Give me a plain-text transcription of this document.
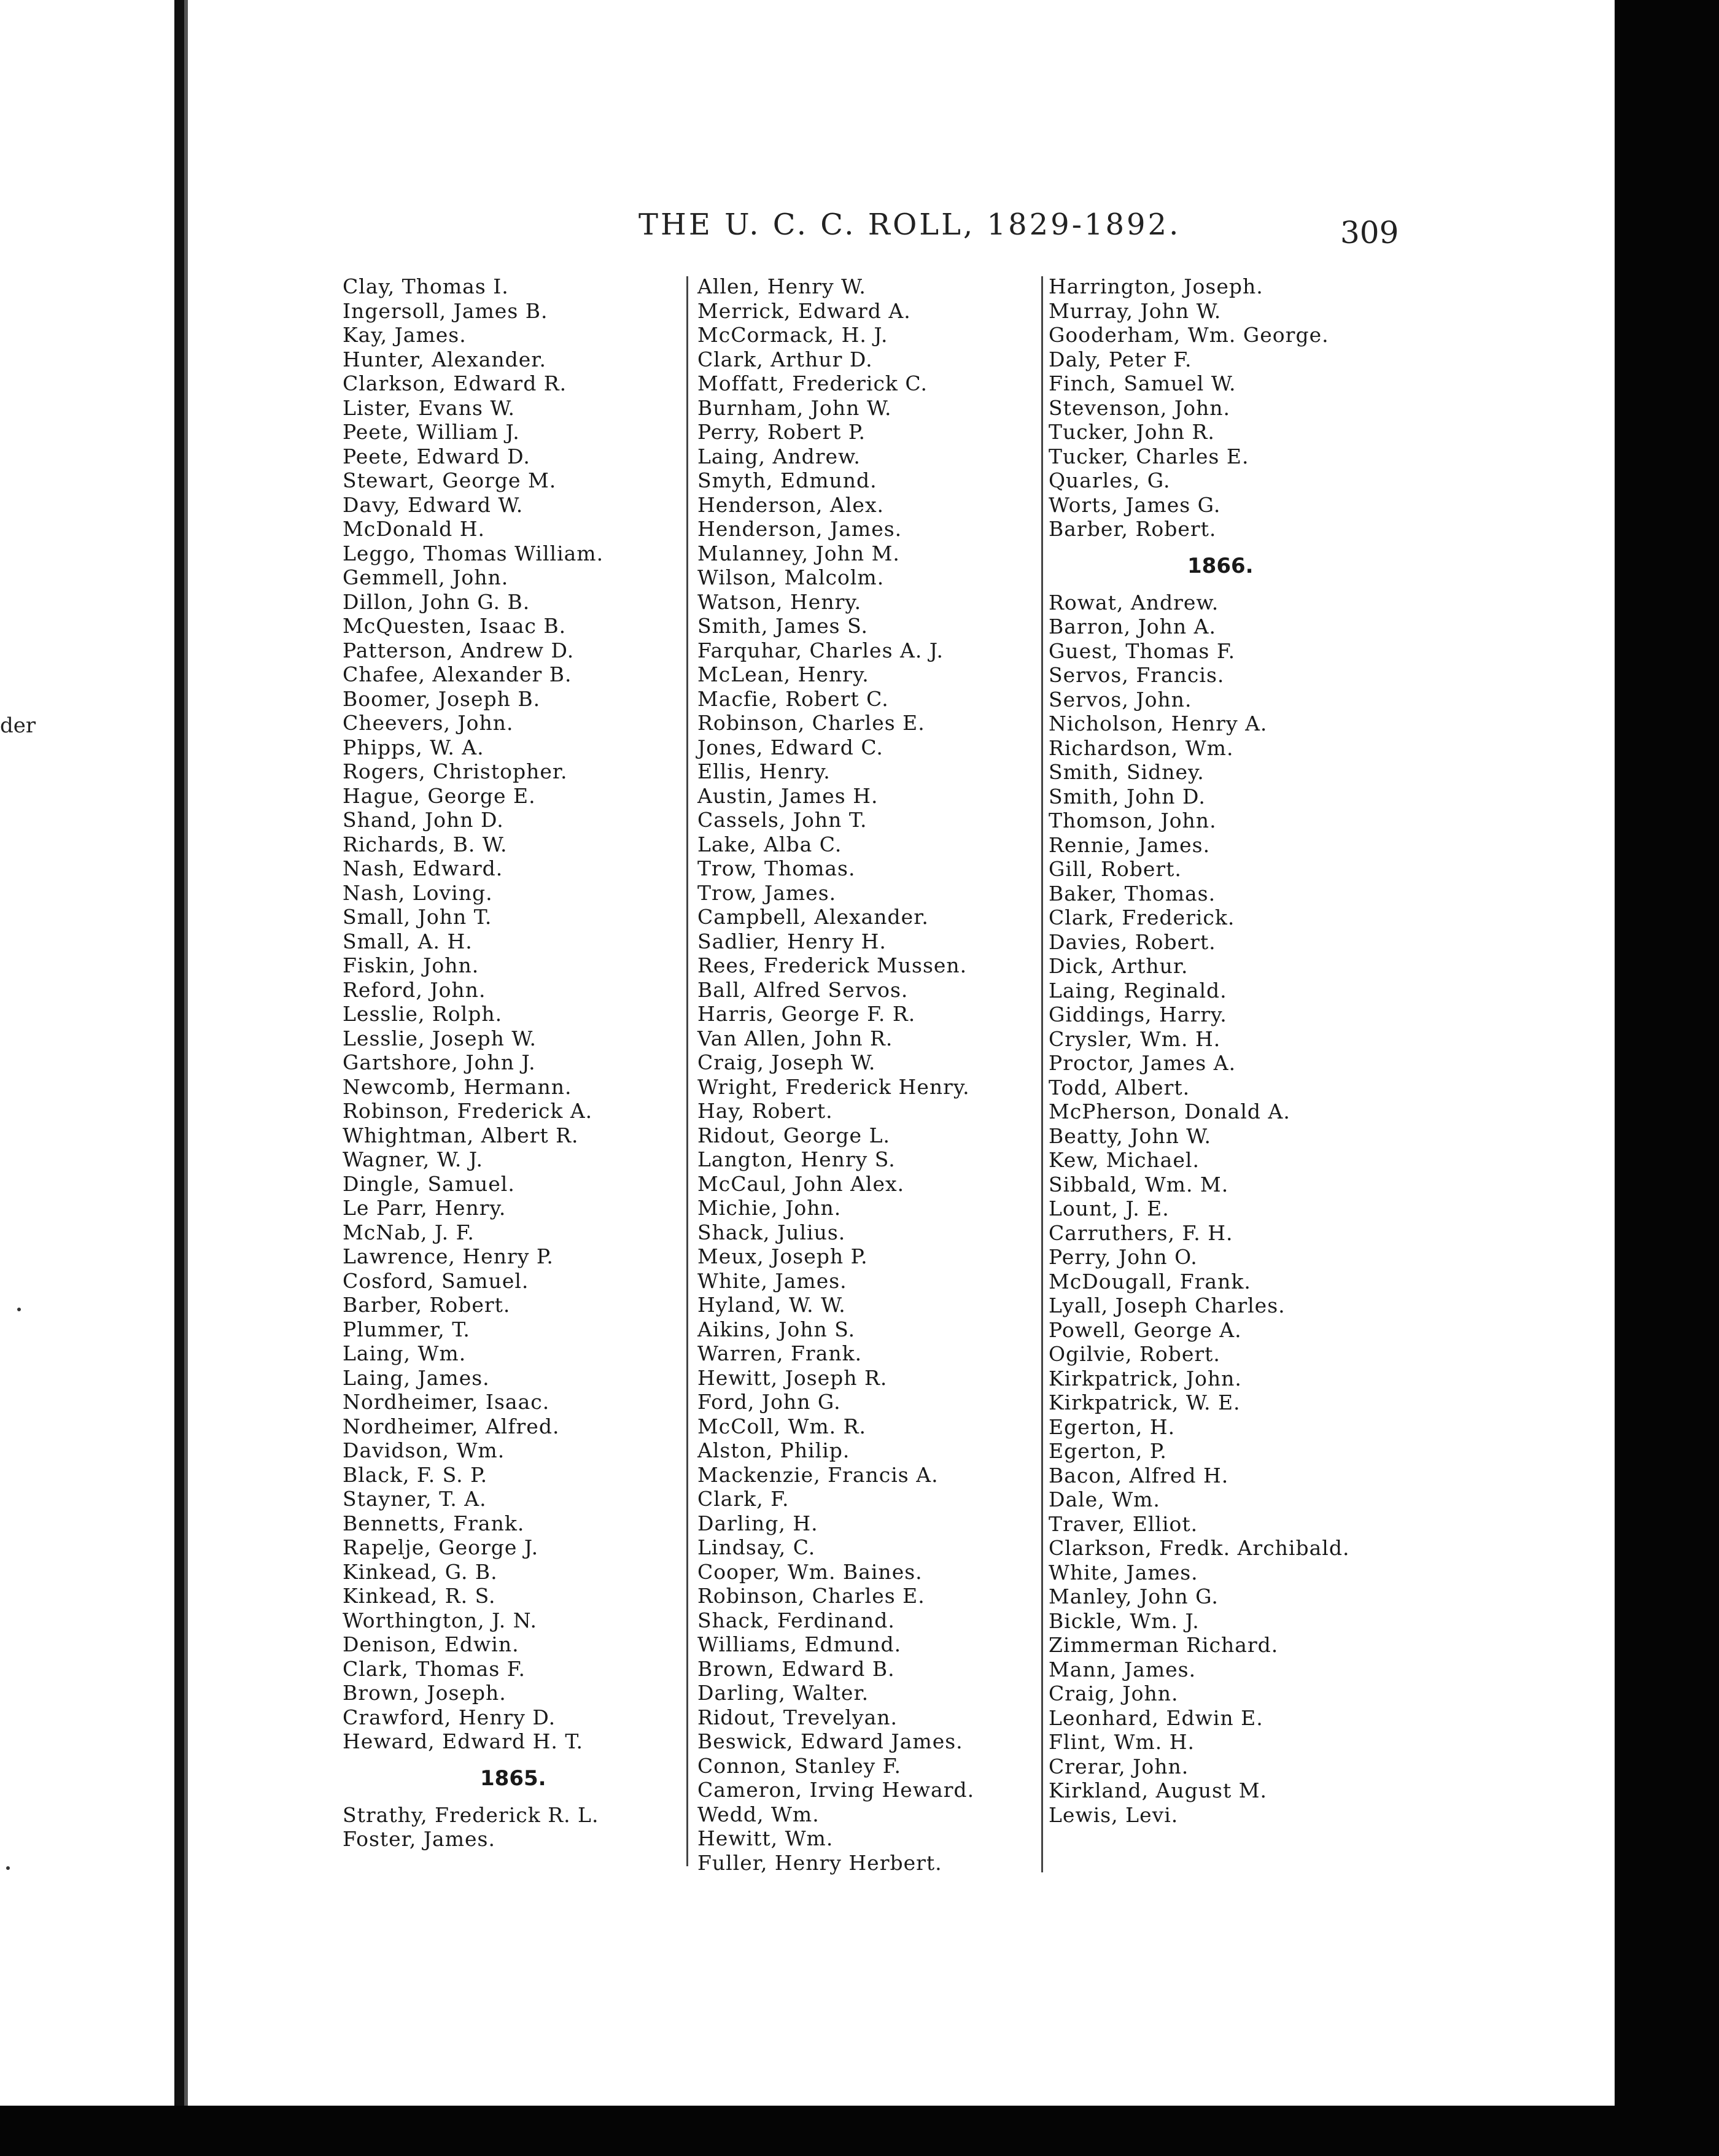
der
THE U. C. C. ROLL, 1829-1892.	309
Clay, Thomas I.
Ingersoll, James B.
Kay, James.
Hunter, Alexander.
Clarkson, Edward R.
Lister, Evans W.
Peete, William J.
Peete, Edward D.
Stewart, George M.
Davy, Edward W.
McDonald H.
Leggo, Thomas William.
Gemmell, John.
Dillon, John G. B.
McQuesten, Isaac B.
Patterson, Andrew D.
Chafee, Alexander B.
Boomer, Joseph B.
Cheevers, John.
Phipps, W. A.
Rogers, Christopher.
Hague, George E.
Shand, John D.
Richards, B. W.
Nash, Edward.
Nash, Loving.
Small, John T.
Small, A. H.
Fiskin, John.
Reford, John.
Lesslie, Rolph.
Lesslie, Joseph W.
Gartshore, John J.
Newcomb, Hermann.
Robinson, Frederick A.
Whightman, Albert R.
Wagner, W. J.
Dingle, Samuel.
Le Parr, Henry.
McNab, J. F.
Lawrence, Henry P.
Cosford, Samuel.
Barber, Robert.
Plummer, T.
Laing, Wm.
Laing, James.
Nordheimer, Isaac.
Nordheimer, Alfred.
Davidson, Wm.
Black, F. S. P.
Stayner, T. A.
Bennetts, Frank.
Rapelje, George J.
Kinkead, G. B.
Kinkead, R. S.
Worthington, J. N.
Denison, Edwin.
Clark, Thomas F.
Brown, Joseph.
Crawford, Henry D.
Heward, Edward H. T.
1865.
Strathy, Frederick R. L.
Foster, James.
Allen, Henry W.
Merrick, Edward A.
McCormack, H. J.
Clark, Arthur D.
Moffatt, Frederick C.
Burnham, John W.
Perry, Robert P.
Laing, Andrew.
Smyth, Edmund.
Henderson, Alex.
Henderson, James.
Mulanney, John M.
Wilson, Malcolm.
Watson, Henry.
Smith, James S.
Farquhar, Charles A. J.
McLean, Henry.
Macfie, Robert C.
Robinson, Charles E.
Jones, Edward C.
Ellis, Henry.
Austin, James H.
Cassels, John T.
Lake, Alba C.
Trow, Thomas.
Trow, James.
Campbell, Alexander.
Sadlier, Henry H.
Rees, Frederick Mussen.
Ball, Alfred Servos.
Harris, George F. R.
Van Allen, John R.
Craig, Joseph W.
Wright, Frederick Henry.
Hay, Robert.
Ridout, George L.
Langton, Henry S.
McCaul, John Alex.
Michie, John.
Shack, Julius.
Meux, Joseph P.
White, James.
Hyland, W. W.
Aikins, John S.
Warren, Frank.
Hewitt, Joseph R.
Ford, John G.
McColl, Wm. R.
Alston, Philip.
Mackenzie, Francis A.
Clark, F.
Darling, H.
Lindsay, C.
Cooper, Wm. Baines.
Robinson, Charles E.
Shack, Ferdinand.
Williams, Edmund.
Brown, Edward B.
Darling, Walter.
Ridout, Trevelyan.
Beswick, Edward James.
Connon, Stanley F.
Cameron, Irving Heward.
Wedd, Wm.
Hewitt, Wm.
Fuller, Henry Herbert.
Harrington, Joseph.
Murray, John W.
Gooderham, Wm. George.
Daly, Peter F.
Finch, Samuel W.
Stevenson, John.
Tucker, John R.
Tucker, Charles E.
Quarles, G.
Worts, James G.
Barber, Robert.
1866.
Rowat, Andrew.
Barron, John A.
Guest, Thomas F.
Servos, Francis.
Servos, John.
Nicholson, Henry A.
Richardson, Wm.
Smith, Sidney.
Smith, John D.
Thomson, John.
Rennie, James.
Gill, Robert.
Baker, Thomas.
Clark, Frederick.
Davies, Robert.
Dick, Arthur.
Laing, Reginald.
Giddings, Harry.
Crysler, Wm. H.
Proctor, James A.
Todd, Albert.
McPherson, Donald A.
Beatty, John W.
Kew, Michael.
Sibbald, Wm. M.
Lount, J. E.
Carruthers, F. H.
Perry, John O.
McDougall, Frank.
Lyall, Joseph Charles.
Powell, George A.
Ogilvie, Robert.
Kirkpatrick, John.
Kirkpatrick, W. E.
Egerton, H.
Egerton, P.
Bacon, Alfred H.
Dale, Wm.
Traver, Elliot.
Clarkson, Fredk. Archibald.
White, James.
Manley, John G.
Bickle, Wm. J.
Zimmerman Richard.
Mann, James.
Craig, John.
Leonhard, Edwin E.
Flint, Wm. H.
Crerar, John.
Kirkland, August M.
Lewis, Levi.
